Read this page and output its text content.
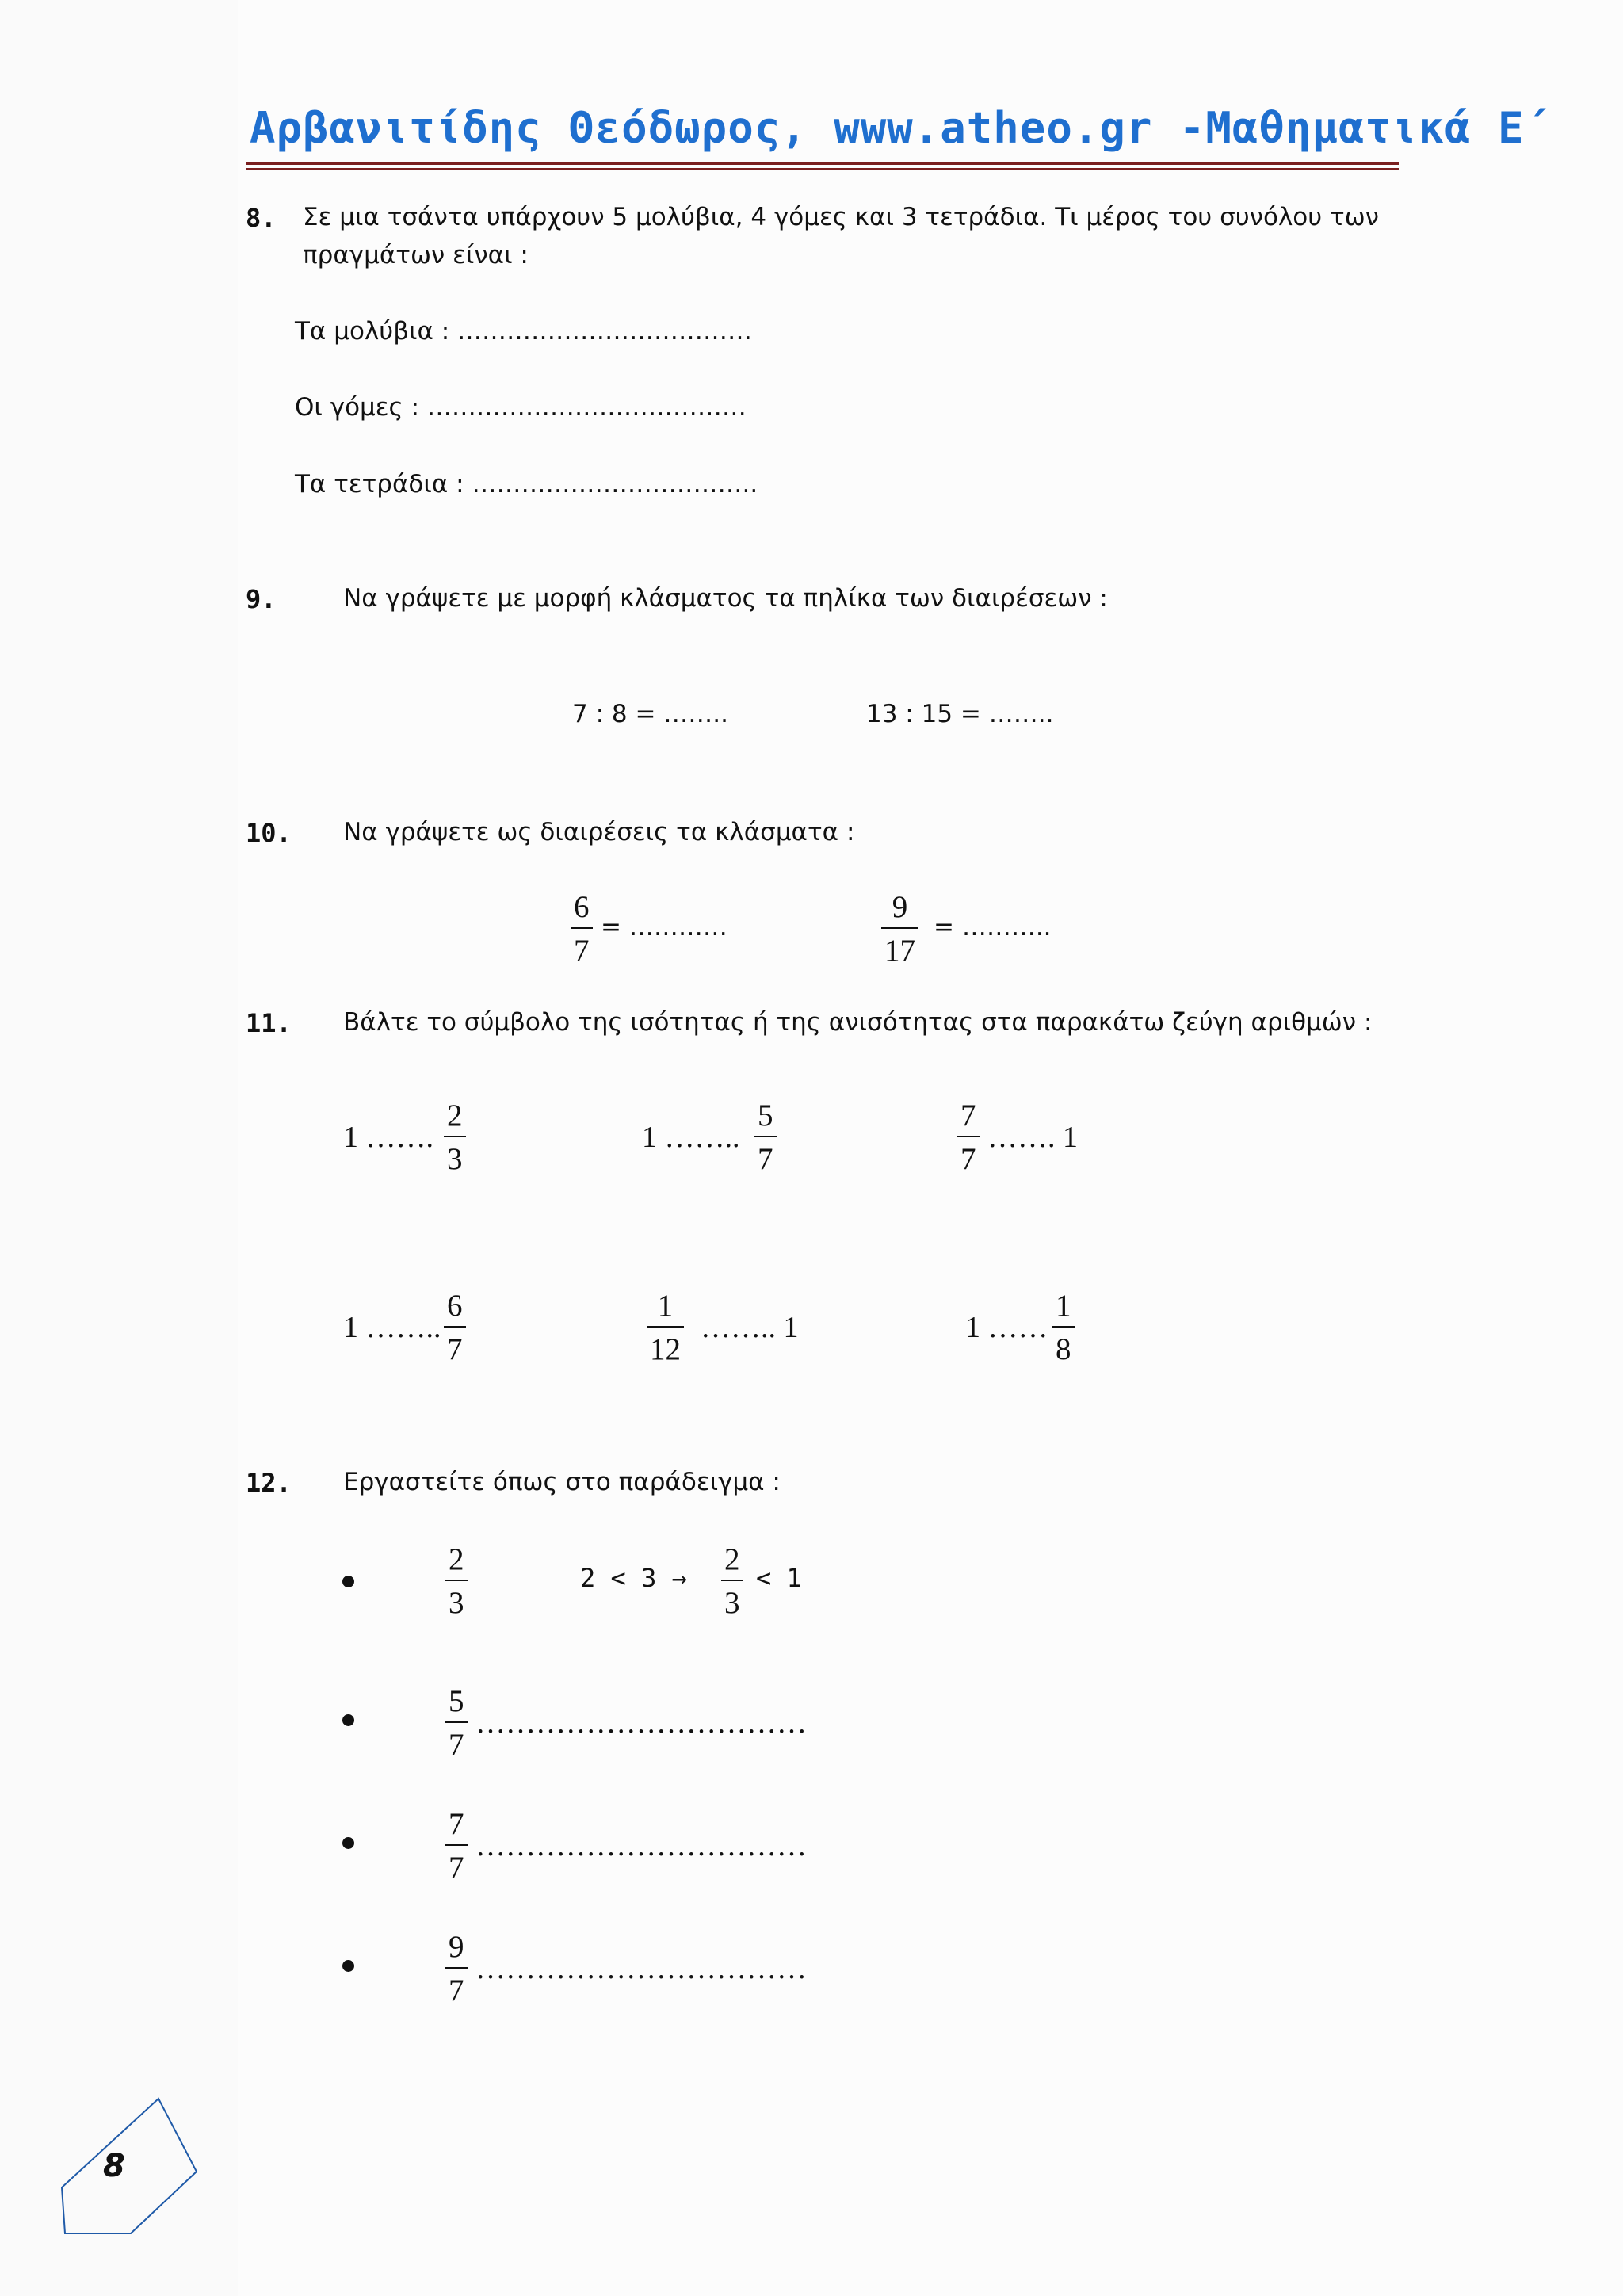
Αρβανιτίδης Θεόδωρος, www.atheo.gr -Μαθηματικά Ε΄
8. Σε μια τσάντα υπάρχουν 5 μολύβια, 4 γόμες και 3 τετράδια. Τι μέρος του συνόλου των
πραγμάτων είναι :
Τα μολύβια : ………………………………
Οι γόμες : …………………………………
Τα τετράδια : ……………………………..
9.	Να γράψετε με μορφή κλάσματος τα πηλίκα των διαιρέσεων :
7 : 8 = ……..	13 : 15 = ……..
10. Να γράψετε ως διαιρέσεις τα κλάσματα :
6
7
= …………
9
17
= ………..
11. Βάλτε το σύμβολο της ισότητας ή της ανισότητας στα παρακάτω ζεύγη αριθμών :
1 …….
2
3
1 ……..
5
7
7
7
……. 1
1 ……..
6
7
1
12
…….. 1	1 ……
1
8
12. Εργαστείτε όπως στο παράδειγμα :
2
3
2 < 3 →
2
3
< 1
5
7
……………………………
7
7
……………………………
9
7
……………………………
8
